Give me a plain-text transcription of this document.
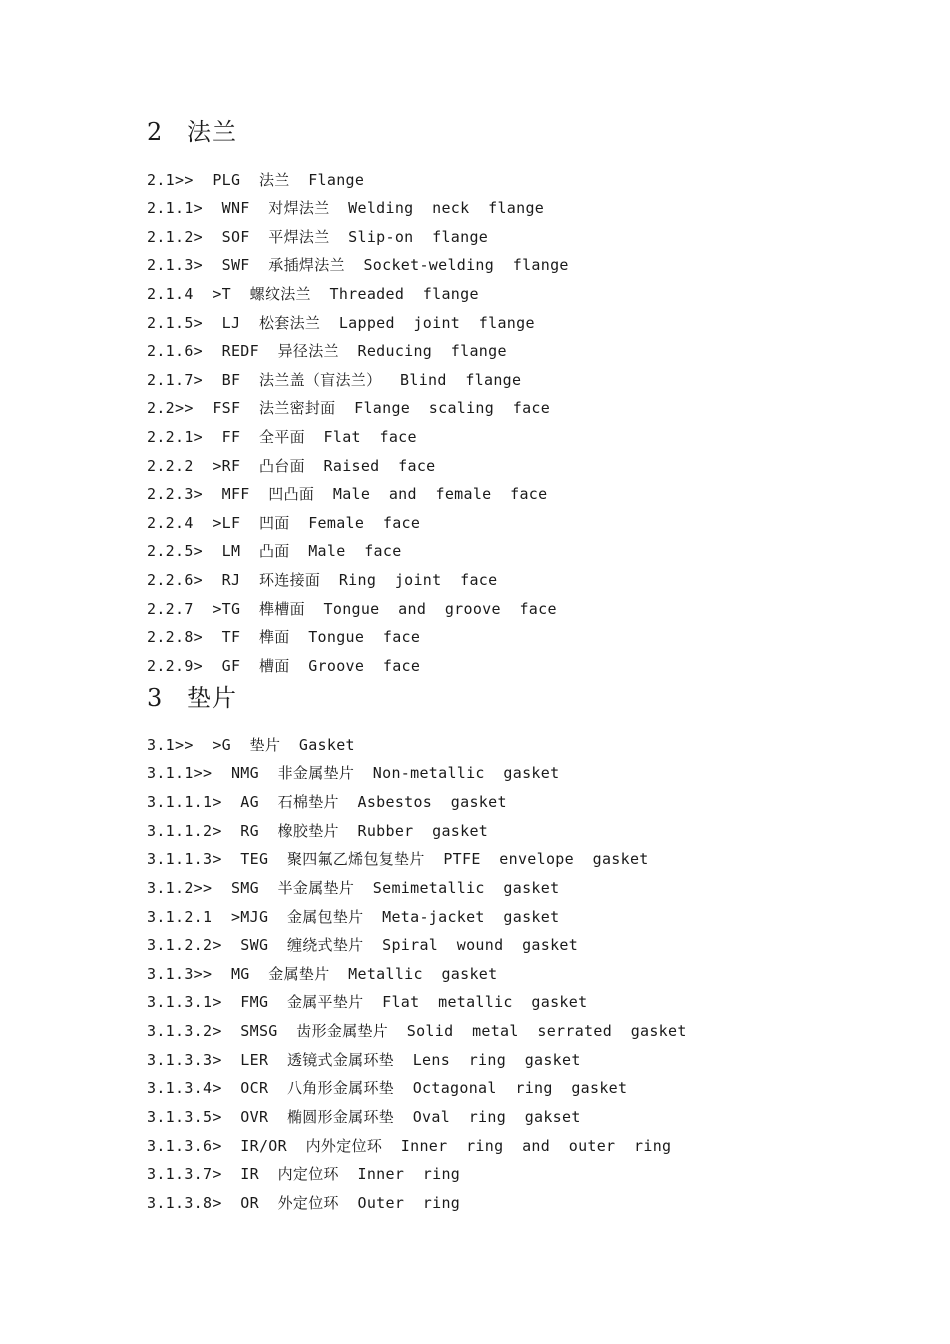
2 法兰
2.1>>  PLG  法兰  Flange
2.1.1>  WNF  对焊法兰  Welding  neck  flange
2.1.2>  SOF  平焊法兰  Slip-on  flange
2.1.3>  SWF  承插焊法兰  Socket-welding  flange
2.1.4  >T  螺纹法兰  Threaded  flange
2.1.5>  LJ  松套法兰  Lapped  joint  flange
2.1.6>  REDF  异径法兰  Reducing  flange
2.1.7>  BF  法兰盖（盲法兰）  Blind  flange
2.2>>  FSF  法兰密封面  Flange  scaling  face
2.2.1>  FF  全平面  Flat  face
2.2.2  >RF  凸台面  Raised  face
2.2.3>  MFF  凹凸面  Male  and  female  face
2.2.4  >LF  凹面  Female  face
2.2.5>  LM  凸面  Male  face
2.2.6>  RJ  环连接面  Ring  joint  face
2.2.7  >TG  榫槽面  Tongue  and  groove  face
2.2.8>  TF  榫面  Tongue  face
2.2.9>  GF  槽面  Groove  face
3 垫片
3.1>>  >G  垫片  Gasket
3.1.1>>  NMG  非金属垫片  Non-metallic  gasket
3.1.1.1>  AG  石棉垫片  Asbestos  gasket
3.1.1.2>  RG  橡胶垫片  Rubber  gasket
3.1.1.3>  TEG  聚四氟乙烯包复垫片  PTFE  envelope  gasket
3.1.2>>  SMG  半金属垫片  Semimetallic  gasket
3.1.2.1  >MJG  金属包垫片  Meta-jacket  gasket
3.1.2.2>  SWG  缠绕式垫片  Spiral  wound  gasket
3.1.3>>  MG  金属垫片  Metallic  gasket
3.1.3.1>  FMG  金属平垫片  Flat  metallic  gasket
3.1.3.2>  SMSG  齿形金属垫片  Solid  metal  serrated  gasket
3.1.3.3>  LER  透镜式金属环垫  Lens  ring  gasket
3.1.3.4>  OCR  八角形金属环垫  Octagonal  ring  gasket
3.1.3.5>  OVR  椭圆形金属环垫  Oval  ring  gakset
3.1.3.6>  IR/OR  内外定位环  Inner  ring  and  outer  ring
3.1.3.7>  IR  内定位环  Inner  ring
3.1.3.8>  OR  外定位环  Outer  ring
